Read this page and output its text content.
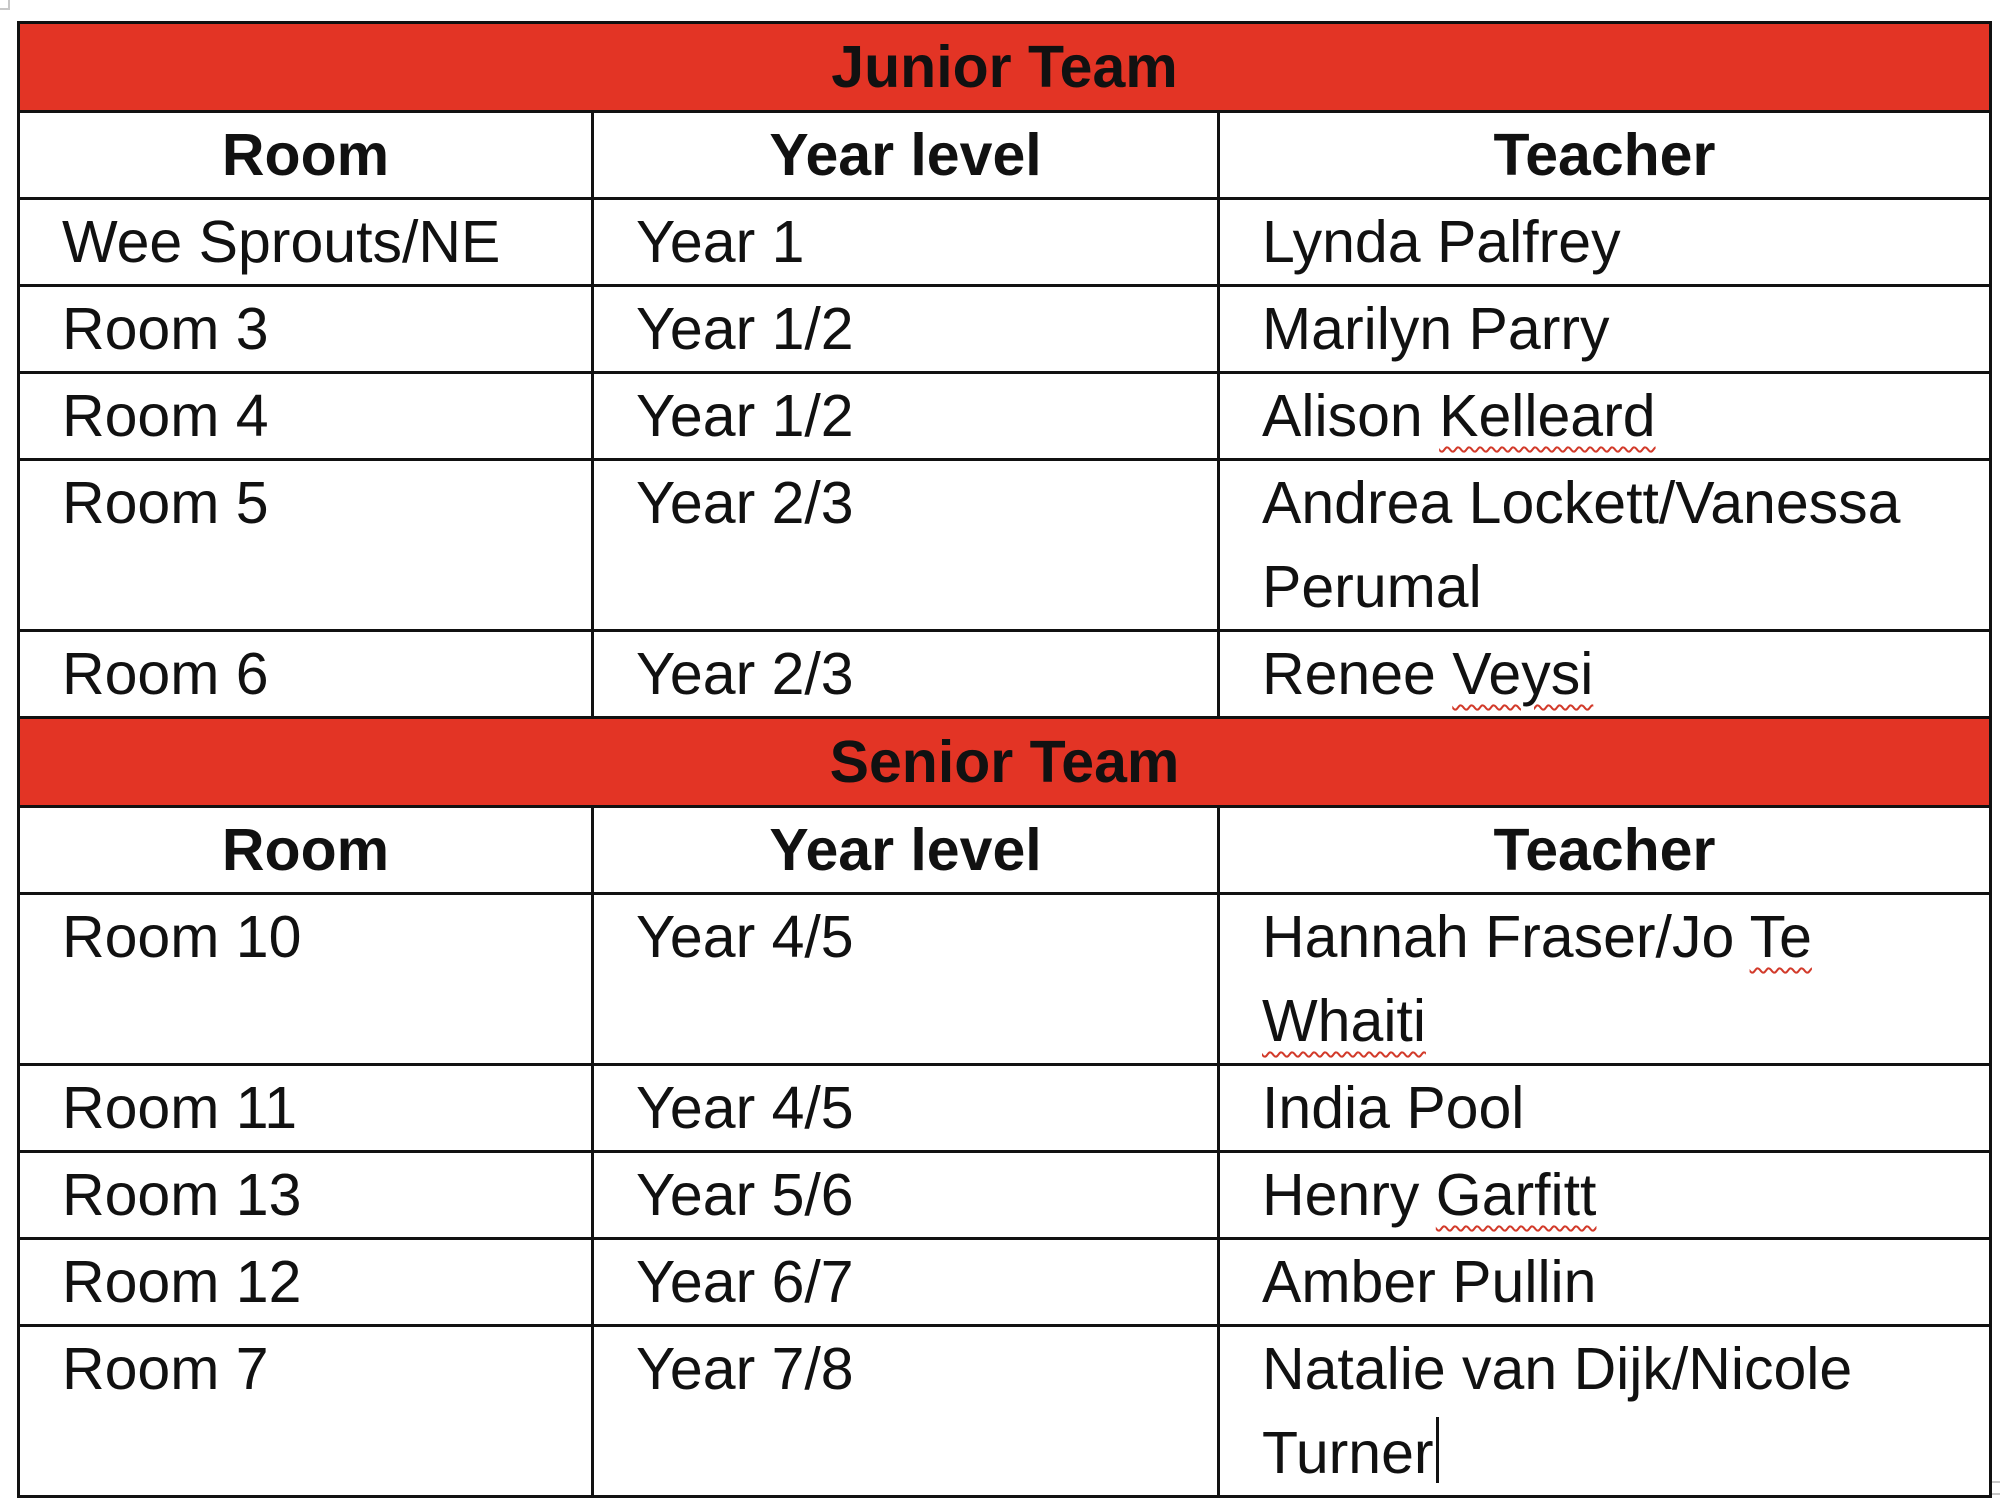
Junior Team		
Room	Year level	Teacher
Wee Sprouts/NE	Year 1	Lynda Palfrey
Room 3	Year 1/2	Marilyn Parry
Room 4	Year 1/2	Alison Kelleard
Room 5	Year 2/3	Andrea Lockett/Vanessa Perumal
Room 6	Year 2/3	Renee Veysi
Senior Team		
Room	Year level	Teacher
Room 10	Year 4/5	Hannah Fraser/Jo Te Whaiti
Room 11	Year 4/5	India Pool
Room 13	Year 5/6	Henry Garfitt
Room 12	Year 6/7	Amber Pullin
Room 7	Year 7/8	Natalie van Dijk/Nicole Turner
